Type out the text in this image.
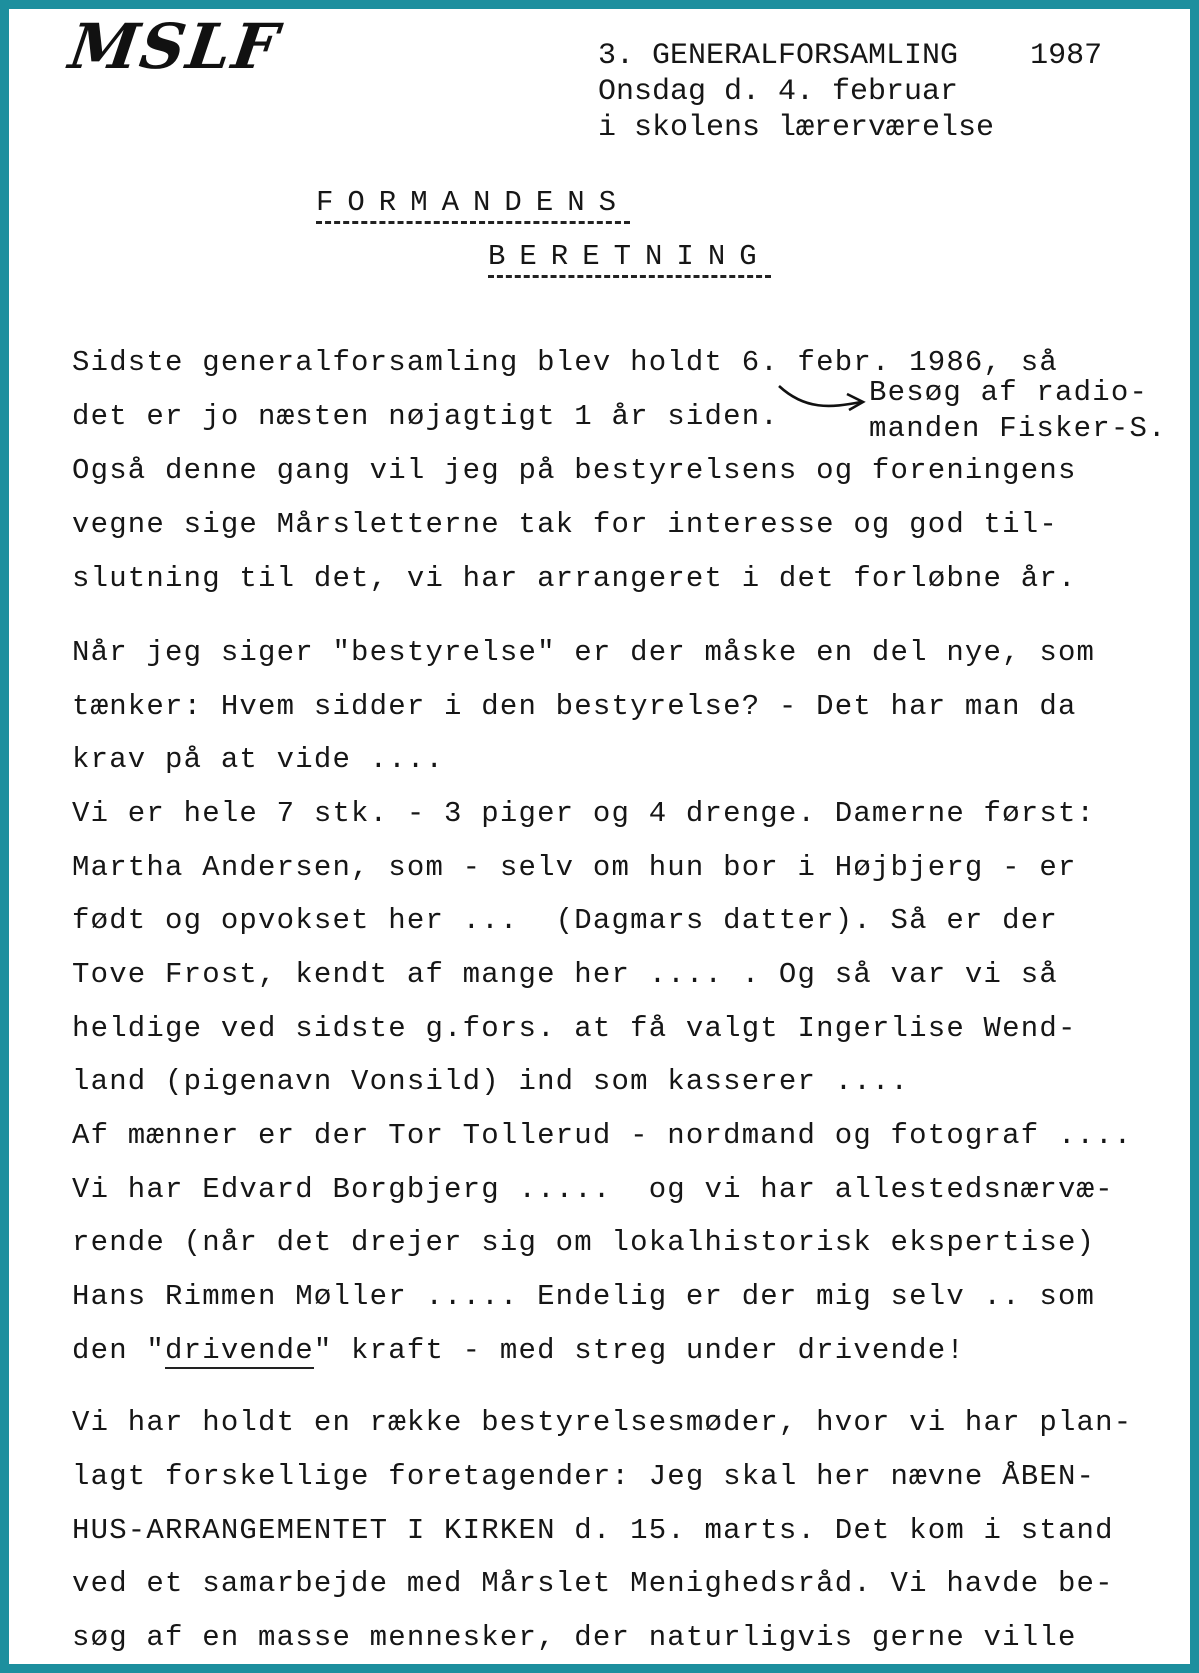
MSLF	3. GENERALFORSAMLING    1987
Onsdag d. 4. februar
i skolens lærerværelse
FORMANDENS
BERETNING
Sidste generalforsamling blev holdt 6. febr. 1986, så
det er jo næsten nøjagtigt 1 år siden.
Også denne gang vil jeg på bestyrelsens og foreningens
vegne sige Mårsletterne tak for interesse og god til-
slutning til det, vi har arrangeret i det forløbne år.
Besøg af radio-
manden Fisker-S.
Når jeg siger "bestyrelse" er der måske en del nye, som
tænker: Hvem sidder i den bestyrelse? - Det har man da
krav på at vide ....
Vi er hele 7 stk. - 3 piger og 4 drenge. Damerne først:
Martha Andersen, som - selv om hun bor i Højbjerg - er
født og opvokset her ...  (Dagmars datter). Så er der
Tove Frost, kendt af mange her .... . Og så var vi så
heldige ved sidste g.fors. at få valgt Ingerlise Wend-
land (pigenavn Vonsild) ind som kasserer ....
Af mænner er der Tor Tollerud - nordmand og fotograf ....
Vi har Edvard Borgbjerg .....  og vi har allestedsnærvæ-
rende (når det drejer sig om lokalhistorisk ekspertise)
Hans Rimmen Møller ..... Endelig er der mig selv .. som
den "drivende" kraft - med streg under drivende!
Vi har holdt en række bestyrelsesmøder, hvor vi har plan-
lagt forskellige foretagender: Jeg skal her nævne ÅBEN-
HUS-ARRANGEMENTET I KIRKEN d. 15. marts. Det kom i stand
ved et samarbejde med Mårslet Menighedsråd. Vi havde be-
søg af en masse mennesker, der naturligvis gerne ville
